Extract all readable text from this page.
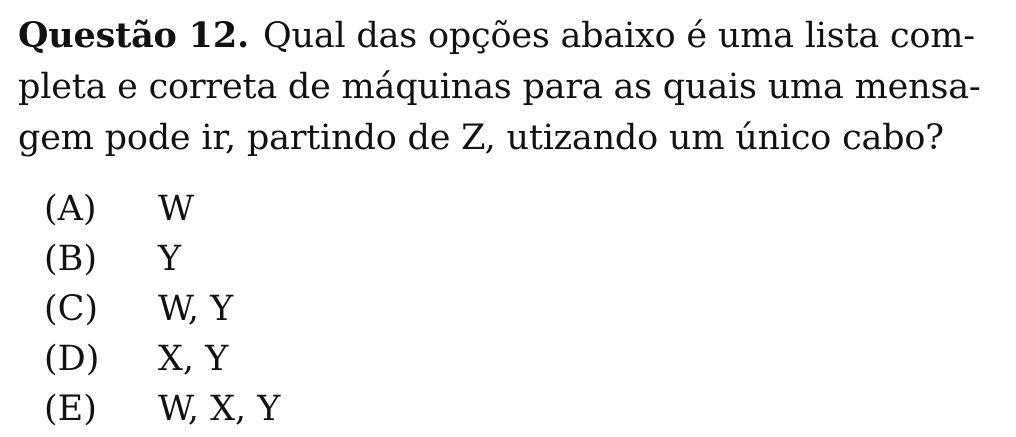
Questão 12. Qual das opções abaixo é uma lista com-
pleta e correta de máquinas para as quais uma mensa-
gem pode ir, partindo de Z, utizando um único cabo?
(A)	W
(B)	Y
(C)	W, Y
(D)	X, Y
(E)	W, X, Y
